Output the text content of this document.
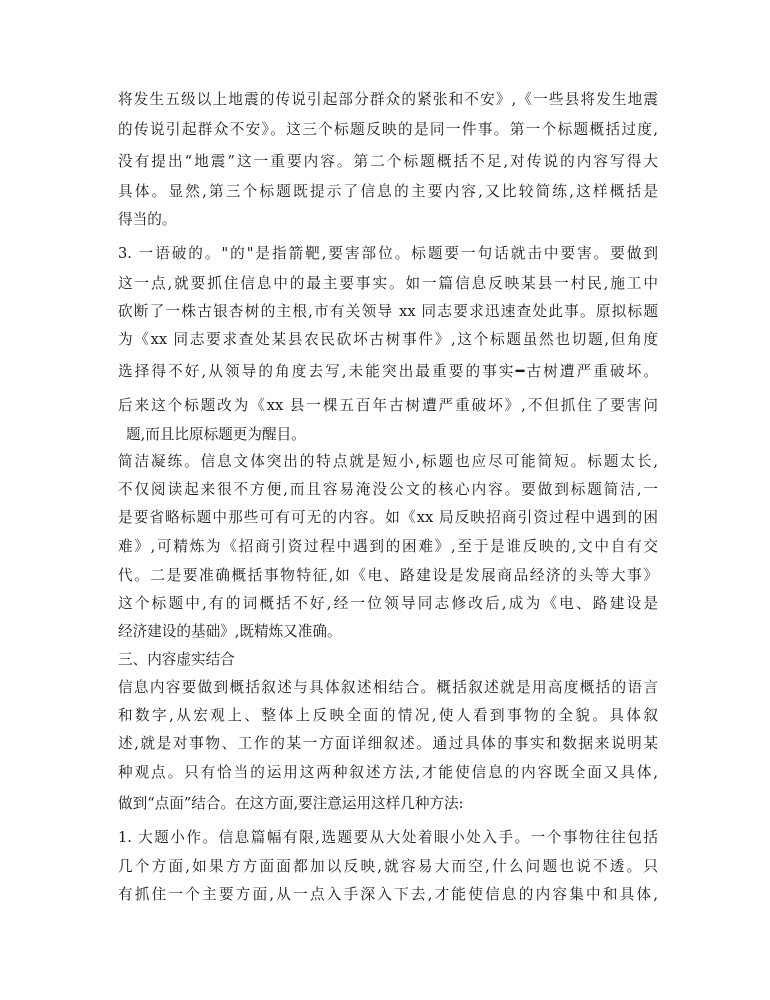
将发生五级以上地震的传说引起部分群众的紧张和不安》,《一些县将发生地震
的传说引起群众不安》。这三个标题反映的是同一件事。第一个标题概括过度,
没有提出“地震”这一重要内容。第二个标题概括不足,对传说的内容写得大
具体。显然,第三个标题既提示了信息的主要内容,又比较简练,这样概括是
得当的。
3. 一语破的。"的"是指箭靶,要害部位。标题要一句话就击中要害。要做到
这一点,就要抓住信息中的最主要事实。如一篇信息反映某县一村民,施工中
砍断了一株古银杏树的主根,市有关领导 xx 同志要求迅速查处此事。原拟标题
为《xx 同志要求查处某县农民砍坏古树事件》,这个标题虽然也切题,但角度
选择得不好,从领导的角度去写,未能突出最重要的事实━古树遭严重破坏。
后来这个标题改为《xx 县一棵五百年古树遭严重破坏》,不但抓住了要害问
题,而且比原标题更为醒目。
简洁凝练。信息文体突出的特点就是短小,标题也应尽可能简短。标题太长,
不仅阅读起来很不方便,而且容易淹没公文的核心内容。要做到标题简洁,一
是要省略标题中那些可有可无的内容。如《xx 局反映招商引资过程中遇到的困
难》,可精炼为《招商引资过程中遇到的困难》,至于是谁反映的,文中自有交
代。二是要准确概括事物特征,如《电、路建设是发展商品经济的头等大事》
这个标题中,有的词概括不好,经一位领导同志修改后,成为《电、路建设是
经济建设的基础》,既精炼又准确。
三、内容虚实结合
信息内容要做到概括叙述与具体叙述相结合。概括叙述就是用高度概括的语言
和数字,从宏观上、整体上反映全面的情况,使人看到事物的全貌。具体叙
述,就是对事物、工作的某一方面详细叙述。通过具体的事实和数据来说明某
种观点。只有恰当的运用这两种叙述方法,才能使信息的内容既全面又具体,
做到“点面”结合。在这方面,要注意运用这样几种方法:
1. 大题小作。信息篇幅有限,选题要从大处着眼小处入手。一个事物往往包括
几个方面,如果方方面面都加以反映,就容易大而空,什么问题也说不透。只
有抓住一个主要方面,从一点入手深入下去,才能使信息的内容集中和具体,
